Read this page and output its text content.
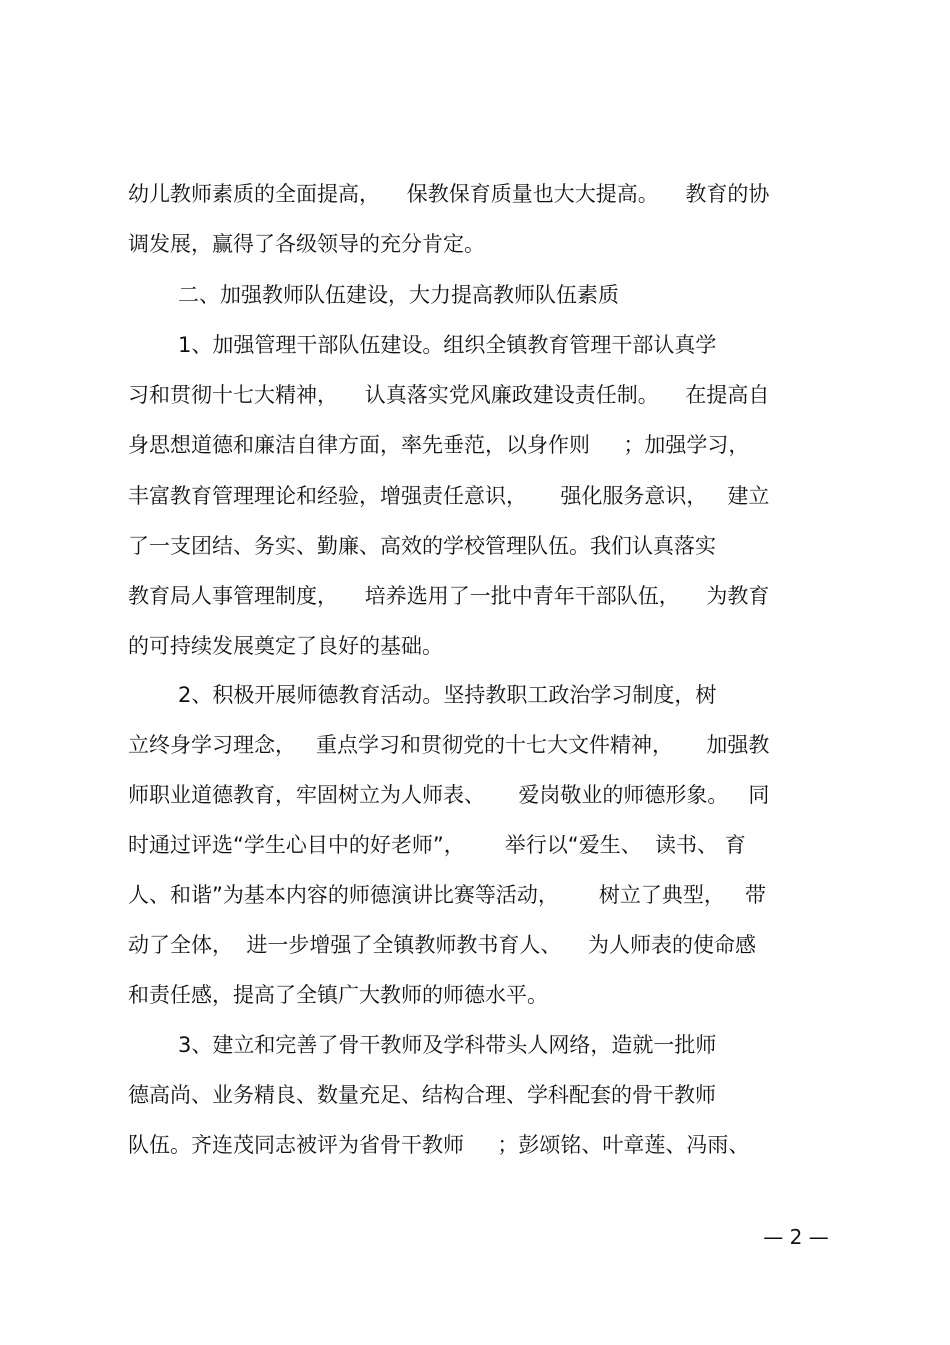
幼儿教师素质的全面提高，    保教保育质量也大大提高。    教育的协
调发展，赢得了各级领导的充分肯定。
二、加强教师队伍建设，大力提高教师队伍素质
1、加强管理干部队伍建设。组织全镇教育管理干部认真学
习和贯彻十七大精神，    认真落实党风廉政建设责任制。    在提高自
身思想道德和廉洁自律方面，率先垂范，以身作则     ；加强学习，
丰富教育管理理论和经验，增强责任意识，     强化服务意识，   建立
了一支团结、务实、勤廉、高效的学校管理队伍。我们认真落实
教育局人事管理制度，    培养选用了一批中青年干部队伍，    为教育
的可持续发展奠定了良好的基础。
2、积极开展师德教育活动。坚持教职工政治学习制度，树
立终身学习理念，   重点学习和贯彻党的十七大文件精神，     加强教
师职业道德教育，牢固树立为人师表、     爱岗敬业的师德形象。   同
时通过评选“学生心目中的好老师”，      举行以“爱生、  读书、 育
人、和谐”为基本内容的师德演讲比赛等活动，      树立了典型，   带
动了全体，  进一步增强了全镇教师教书育人、    为人师表的使命感
和责任感，提高了全镇广大教师的师德水平。
3、建立和完善了骨干教师及学科带头人网络，造就一批师
德高尚、业务精良、数量充足、结构合理、学科配套的骨干教师
队伍。齐连茂同志被评为省骨干教师     ；彭颂铭、叶章莲、冯雨、
— 2 —
